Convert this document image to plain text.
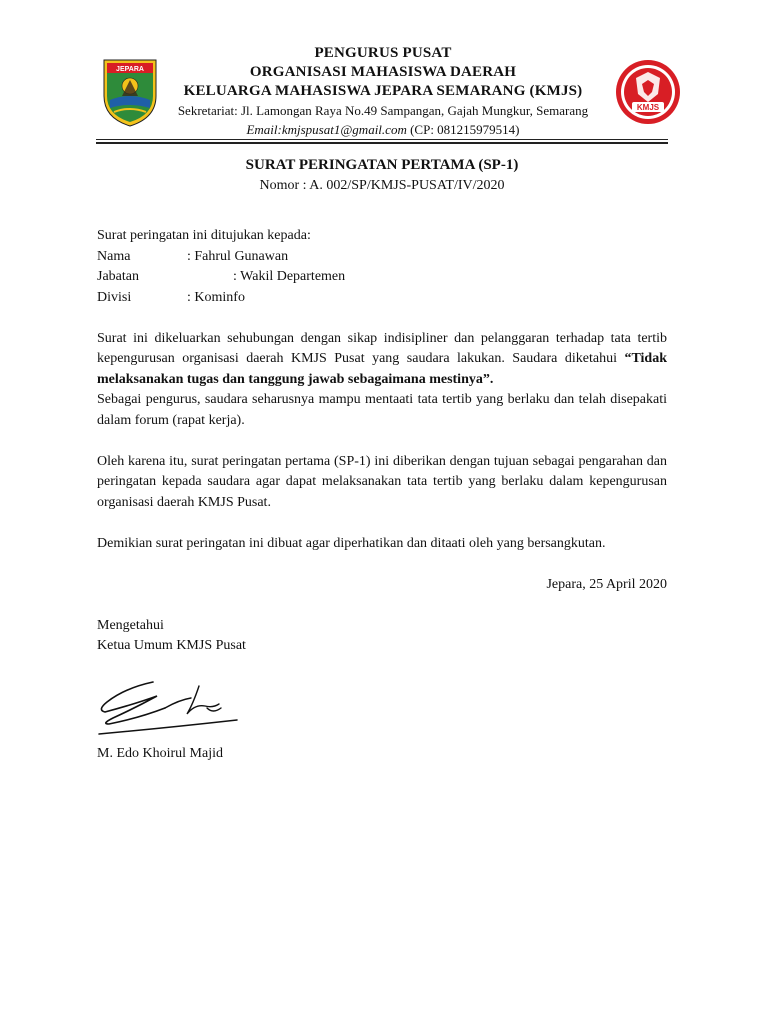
JEPARA
PENGURUS PUSAT
ORGANISASI MAHASISWA DAERAH
KELUARGA MAHASISWA JEPARA SEMARANG (KMJS)
Sekretariat: Jl. Lamongan Raya No.49 Sampangan, Gajah Mungkur, Semarang
Email:kmjspusat1@gmail.com (CP: 081215979514)
KMJS
SURAT PERINGATAN PERTAMA (SP-1)
Nomor : A. 002/SP/KMJS-PUSAT/IV/2020

Surat peringatan ini ditujukan kepada:

Nama	: Fahrul Gunawan
Jabatan	: Wakil Departemen
Divisi	: Kominfo

Surat ini dikeluarkan sehubungan dengan sikap indisipliner dan pelanggaran terhadap tata tertib kepengurusan organisasi daerah KMJS Pusat yang saudara lakukan. Saudara diketahui “Tidak melaksanakan tugas dan tanggung jawab sebagaimana mestinya”.

Sebagai pengurus, saudara seharusnya mampu mentaati tata tertib yang berlaku dan telah disepakati dalam forum (rapat kerja).

Oleh karena itu, surat peringatan pertama (SP-1) ini diberikan dengan tujuan sebagai pengarahan dan peringatan kepada saudara agar dapat melaksanakan tata tertib yang berlaku dalam kepengurusan organisasi daerah KMJS Pusat.

Demikian surat peringatan ini dibuat agar diperhatikan dan ditaati oleh yang bersangkutan.

Jepara, 25 April 2020

Mengetahui

Ketua Umum KMJS Pusat

M. Edo Khoirul Majid
